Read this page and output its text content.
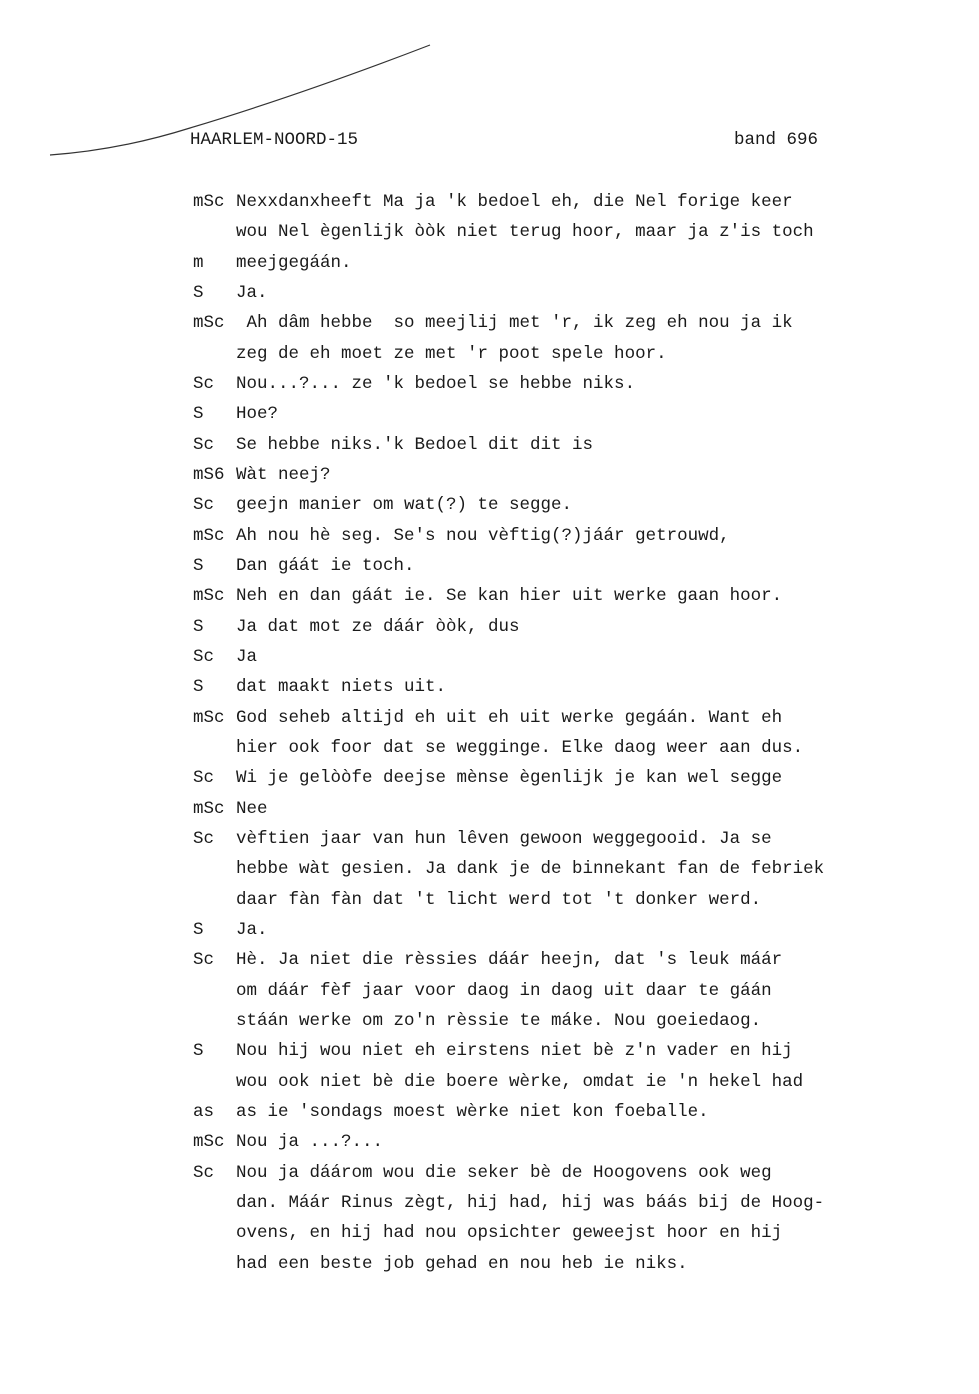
HAARLEM-NOORD-15	band 696
mSc Nexxdanxheeft Ma ja 'k bedoel eh, die Nel forige keer
wou Nel ègenlijk òòk niet terug hoor, maar ja z'is toch
m meejgegáán.
S Ja.
mSc Ah dâm hebbe  so meejlij met 'r, ik zeg eh nou ja ik
zeg de eh moet ze met 'r poot spele hoor.
Sc Nou...?... ze 'k bedoel se hebbe niks.
S Hoe?
Sc Se hebbe niks.'k Bedoel dit dit is
mS6 Wàt neej?
Sc geejn manier om wat(?) te segge.
mSc Ah nou hè seg. Se's nou vèftig(?)jáár getrouwd,
S Dan gáát ie toch.
mSc Neh en dan gáát ie. Se kan hier uit werke gaan hoor.
S Ja dat mot ze dáár òòk, dus
Sc Ja
S dat maakt niets uit.
mSc God seheb altijd eh uit eh uit werke gegáán. Want eh
hier ook foor dat se wegginge. Elke daog weer aan dus.
Sc Wi je gelòòfe deejse mènse ègenlijk je kan wel segge
mSc Nee
Sc vèftien jaar van hun lêven gewoon weggegooid. Ja se
hebbe wàt gesien. Ja dank je de binnekant fan de febriek
daar fàn fàn dat 't licht werd tot 't donker werd.
S Ja.
Sc Hè. Ja niet die rèssies dáár heejn, dat 's leuk máár
om dáár fèf jaar voor daog in daog uit daar te gáán
stáán werke om zo'n rèssie te máke. Nou goeiedaog.
S Nou hij wou niet eh eirstens niet bè z'n vader en hij
wou ook niet bè die boere wèrke, omdat ie 'n hekel had
as as ie 'sondags moest wèrke niet kon foeballe.
mSc Nou ja ...?...
Sc Nou ja dáárom wou die seker bè de Hoogovens ook weg
dan. Máár Rinus zègt, hij had, hij was báás bij de Hoog-
ovens, en hij had nou opsichter geweejst hoor en hij
had een beste job gehad en nou heb ie niks.
